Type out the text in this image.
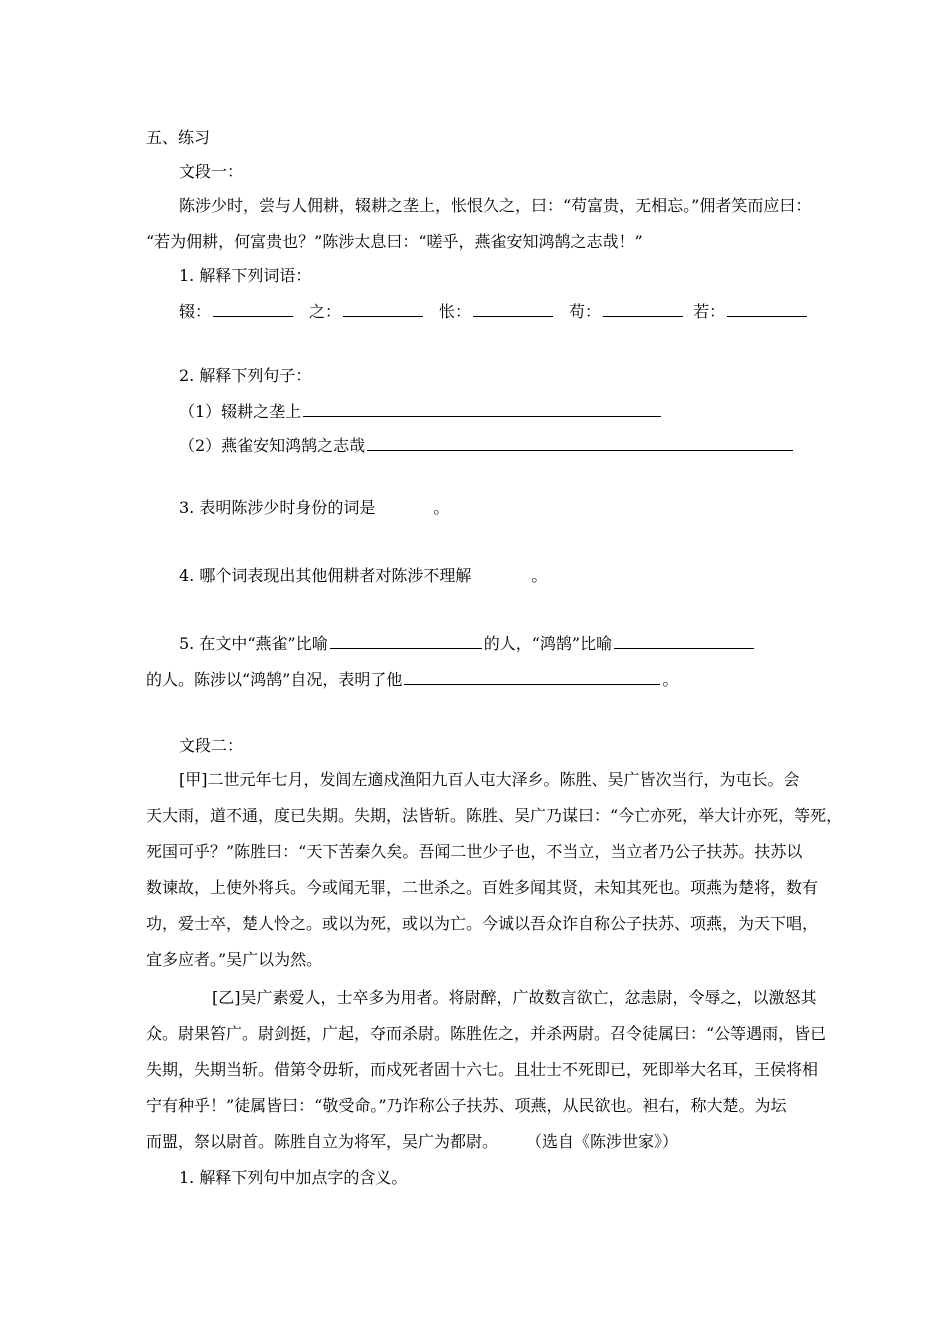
五、练习
文段一：
陈涉少时，尝与人佣耕，辍耕之垄上，怅恨久之，曰：“苟富贵，无相忘。”佣者笑而应曰：
“若为佣耕，何富贵也？”陈涉太息曰：“嗟乎，燕雀安知鸿鹄之志哉！”
1. 解释下列词语：
辍：	之：	怅：	苟：	若：
2. 解释下列句子：
（1）辍耕之垄上
（2）燕雀安知鸿鹄之志哉
3. 表明陈涉少时身份的词是	。
4. 哪个词表现出其他佣耕者对陈涉不理解	。
5. 在文中“燕雀”比喻	的人，“鸿鹄”比喻
的人。陈涉以“鸿鹄”自况，表明了他	。
文段二：
[甲]二世元年七月，发闾左適戍渔阳九百人屯大泽乡。陈胜、吴广皆次当行，为屯长。会
天大雨，道不通，度已失期。失期，法皆斩。陈胜、吴广乃谋曰：“今亡亦死，举大计亦死，等死，
死国可乎？”陈胜曰：“天下苦秦久矣。吾闻二世少子也，不当立，当立者乃公子扶苏。扶苏以
数谏故，上使外将兵。今或闻无罪，二世杀之。百姓多闻其贤，未知其死也。项燕为楚将，数有
功，爱士卒，楚人怜之。或以为死，或以为亡。今诚以吾众诈自称公子扶苏、项燕，为天下唱，
宜多应者。”吴广以为然。
[乙]吴广素爱人，士卒多为用者。将尉醉，广故数言欲亡，忿恚尉，令辱之，以激怒其
众。尉果笞广。尉剑挺，广起，夺而杀尉。陈胜佐之，并杀两尉。召令徒属曰：“公等遇雨，皆已
失期，失期当斩。借第令毋斩，而戍死者固十六七。且壮士不死即已，死即举大名耳，王侯将相
宁有种乎！”徒属皆曰：“敬受命。”乃诈称公子扶苏、项燕，从民欲也。袒右，称大楚。为坛
而盟，祭以尉首。陈胜自立为将军，吴广为都尉。 （选自《陈涉世家》）
1. 解释下列句中加点字的含义。
